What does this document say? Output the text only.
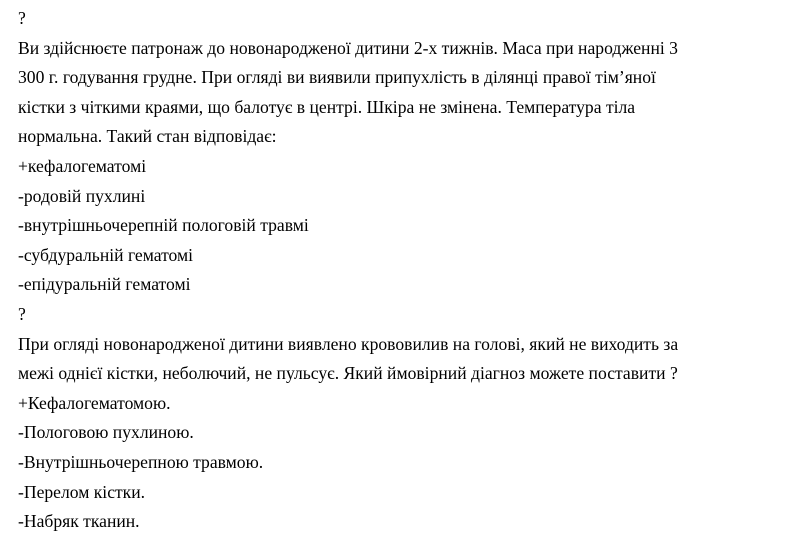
?
Ви здійснюєте патронаж до новонародженої дитини 2-х тижнів. Маса при народженні 3
300 г. годування грудне. При огляді ви виявили припухлість в ділянці правої тім’яної
кістки з чіткими краями, що балотує в центрі. Шкіра не змінена. Температура тіла
нормальна. Такий стан відповідає:
+кефалогематомі
-родовій пухлині
-внутрішньочерепній пологовій травмі
-субдуральній гематомі
-епідуральній гематомі
?
При огляді новонародженої дитини виявлено крововилив на голові, який не виходить за
межі однієї кістки, неболючий, не пульсує. Який ймовірний діагноз можете поставити ?
+Кефалогематомою.
-Пологовою пухлиною.
-Внутрішньочерепною травмою.
-Перелом кістки.
-Набряк тканин.
